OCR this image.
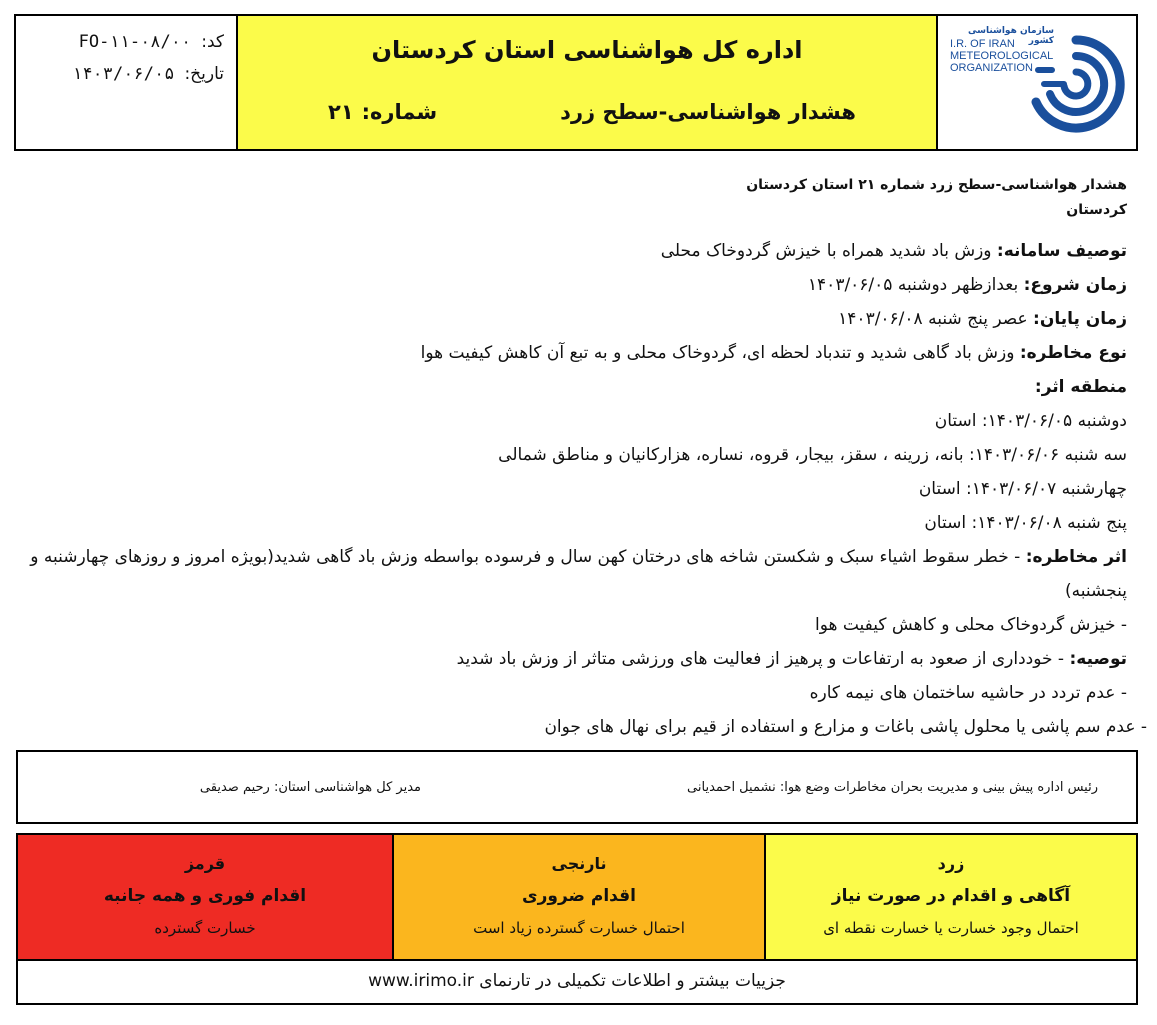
کد:
FO-۱۱-۰۸/۰۰
تاریخ:
۱۴۰۳/۰۶/۰۵
اداره کل هواشناسی استان کردستان
هشدار هواشناسی-سطح زرد
شماره:
۲۱
سازمان هواشناسی کشور
I.R. OF IRAN
METEOROLOGICAL
ORGANIZATION
هشدار هواشناسی-سطح زرد شماره ۲۱ استان کردستان
کردستان
توصیف سامانه: وزش باد شدید همراه با خیزش گردوخاک محلی
زمان شروع: بعدازظهر دوشنبه ۱۴۰۳/۰۶/۰۵
زمان پایان: عصر پنج شنبه ۱۴۰۳/۰۶/۰۸
نوع مخاطره: وزش باد گاهی شدید و تندباد لحظه ای، گردوخاک محلی و به تبع آن کاهش کیفیت هوا
منطقه اثر:
دوشنبه ۱۴۰۳/۰۶/۰۵: استان
سه شنبه ۱۴۰۳/۰۶/۰۶: بانه، زرینه ، سقز، بیجار، قروه، نساره، هزارکانیان و مناطق شمالی
چهارشنبه ۱۴۰۳/۰۶/۰۷: استان
پنج شنبه ۱۴۰۳/۰۶/۰۸: استان
اثر مخاطره: - خطر سقوط اشیاء سبک و شکستن شاخه های درختان کهن سال و فرسوده بواسطه وزش باد گاهی شدید(بویژه امروز و روزهای چهارشنبه و پنجشنبه)
- خیزش گردوخاک محلی و کاهش کیفیت هوا
توصیه: - خودداری از صعود به ارتفاعات و پرهیز از فعالیت های ورزشی متاثر از وزش باد شدید
- عدم تردد در حاشیه ساختمان های نیمه کاره
- عدم سم پاشی یا محلول پاشی باغات و مزارع و استفاده از قیم برای نهال های جوان
رئیس اداره پیش بینی و مدیریت بحران مخاطرات وضع هوا: نشمیل احمدیانی
مدیر کل هواشناسی استان: رحیم صدیقی
قرمز
اقدام فوری و همه جانبه
خسارت گسترده
نارنجی
اقدام ضروری
احتمال خسارت گسترده زیاد است
زرد
آگاهی و اقدام در صورت نیاز
احتمال وجود خسارت یا خسارت نقطه ای
جزییات بیشتر و اطلاعات تکمیلی در تارنمای www.irimo.ir
